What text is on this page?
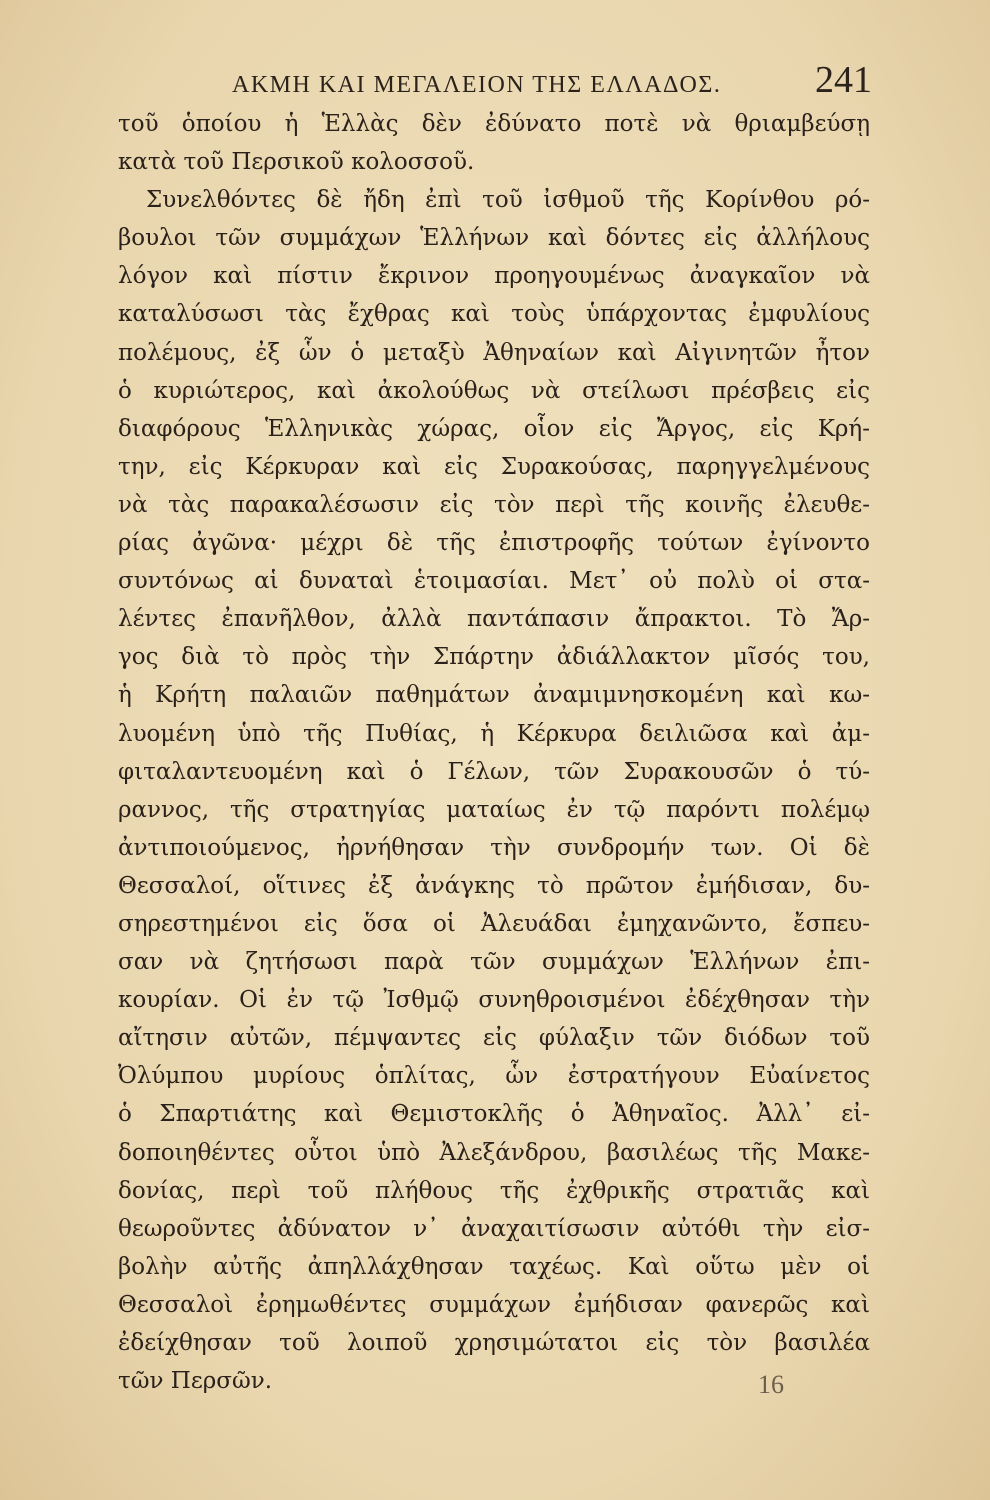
ΑΚΜΗ ΚΑΙ ΜΕΓΑΛΕΙΟΝ ΤΗΣ ΕΛΛΑΔΟΣ. 241
τοῦ ὁποίου ἡ Ἑλλὰς δὲν ἐδύνατο ποτὲ νὰ θριαμβεύσῃ
κατὰ τοῦ Περσικοῦ κολοσσοῦ.
Συνελθόντες δὲ ἤδη ἐπὶ τοῦ ἰσθμοῦ τῆς Κορίνθου ρό-
βουλοι τῶν συμμάχων Ἑλλήνων καὶ δόντες εἰς ἀλλήλους
λόγον καὶ πίστιν ἔκρινον προηγουμένως ἀναγκαῖον νὰ
καταλύσωσι τὰς ἔχθρας καὶ τοὺς ὑπάρχοντας ἐμφυλίους
πολέμους, ἐξ ὧν ὁ μεταξὺ Ἀθηναίων καὶ Αἰγινητῶν ἦτον
ὁ κυριώτερος, καὶ ἀκολούθως νὰ στείλωσι πρέσβεις εἰς
διαφόρους Ἑλληνικὰς χώρας, οἷον εἰς Ἄργος, εἰς Κρή-
την, εἰς Κέρκυραν καὶ εἰς Συρακούσας, παρηγγελμένους
νὰ τὰς παρακαλέσωσιν εἰς τὸν περὶ τῆς κοινῆς ἐλευθε-
ρίας ἀγῶνα· μέχρι δὲ τῆς ἐπιστροφῆς τούτων ἐγίνοντο
συντόνως αἱ δυναταὶ ἑτοιμασίαι. Μετ᾽ οὐ πολὺ οἱ στα-
λέντες ἐπανῆλθον, ἀλλὰ παντάπασιν ἄπρακτοι. Τὸ Ἄρ-
γος διὰ τὸ πρὸς τὴν Σπάρτην ἀδιάλλακτον μῖσός του,
ἡ Κρήτη παλαιῶν παθημάτων ἀναμιμνησκομένη καὶ κω-
λυομένη ὑπὸ τῆς Πυθίας, ἡ Κέρκυρα δειλιῶσα καὶ ἀμ-
φιταλαντευομένη καὶ ὁ Γέλων, τῶν Συρακουσῶν ὁ τύ-
ραννος, τῆς στρατηγίας ματαίως ἐν τῷ παρόντι πολέμῳ
ἀντιποιούμενος, ἠρνήθησαν τὴν συνδρομήν των. Οἱ δὲ
Θεσσαλοί, οἵτινες ἐξ ἀνάγκης τὸ πρῶτον ἐμήδισαν, δυ-
σηρεστημένοι εἰς ὅσα οἱ Ἀλευάδαι ἐμηχανῶντο, ἔσπευ-
σαν νὰ ζητήσωσι παρὰ τῶν συμμάχων Ἑλλήνων ἐπι-
κουρίαν. Οἱ ἐν τῷ Ἰσθμῷ συνηθροισμένοι ἐδέχθησαν τὴν
αἴτησιν αὐτῶν, πέμψαντες εἰς φύλαξιν τῶν διόδων τοῦ
Ὀλύμπου μυρίους ὁπλίτας, ὧν ἐστρατήγουν Εὐαίνετος
ὁ Σπαρτιάτης καὶ Θεμιστοκλῆς ὁ Ἀθηναῖος. Ἀλλ᾽ εἰ-
δοποιηθέντες οὗτοι ὑπὸ Ἀλεξάνδρου, βασιλέως τῆς Μακε-
δονίας, περὶ τοῦ πλήθους τῆς ἐχθρικῆς στρατιᾶς καὶ
θεωροῦντες ἀδύνατον ν᾽ ἀναχαιτίσωσιν αὐτόθι τὴν εἰσ-
βολὴν αὐτῆς ἀπηλλάχθησαν ταχέως. Καὶ οὕτω μὲν οἱ
Θεσσαλοὶ ἐρημωθέντες συμμάχων ἐμήδισαν φανερῶς καὶ
ἐδείχθησαν τοῦ λοιποῦ χρησιμώτατοι εἰς τὸν βασιλέα
τῶν Περσῶν.	16
